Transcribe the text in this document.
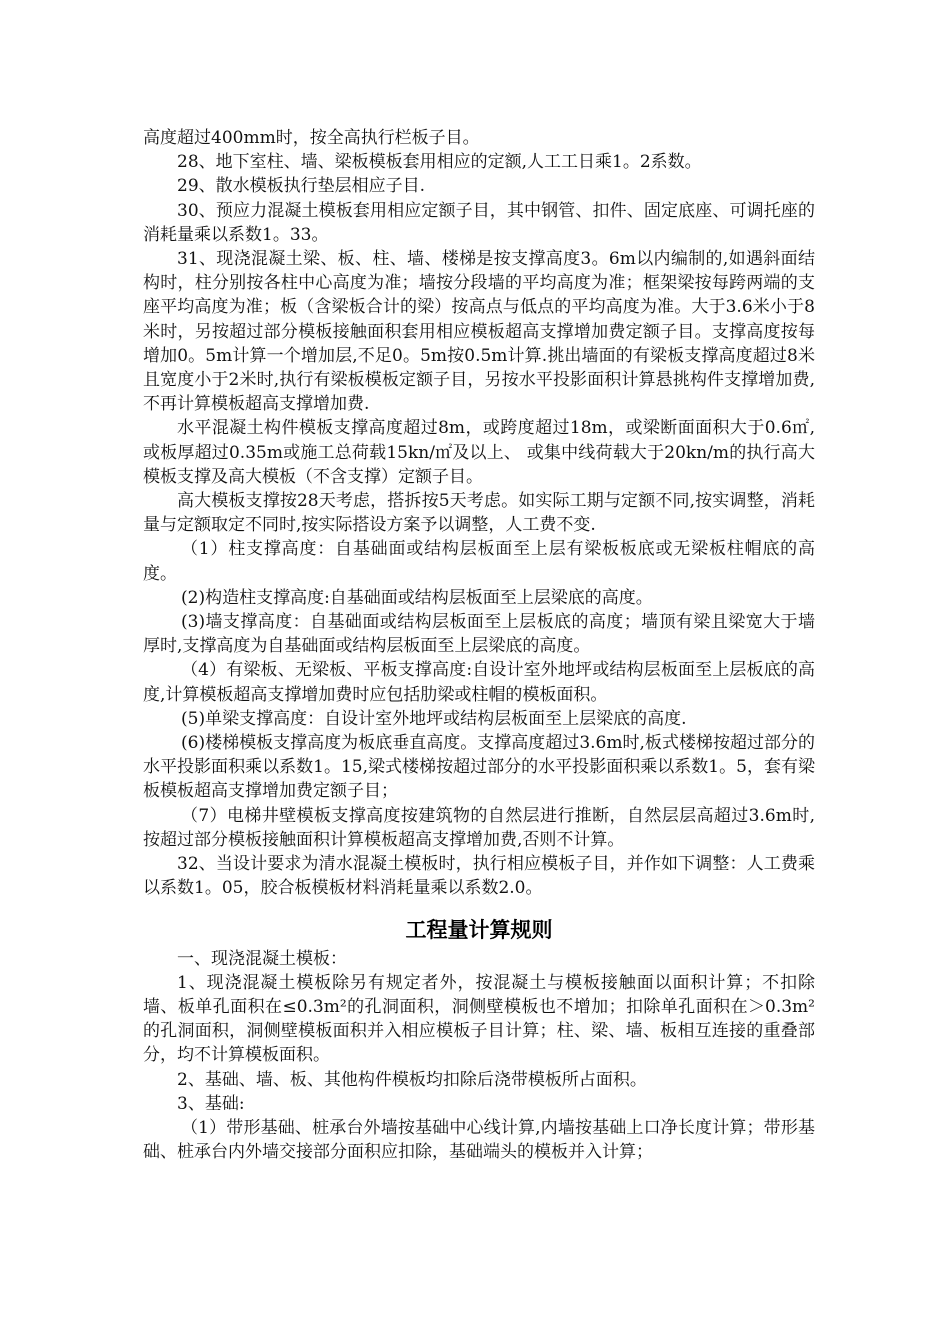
高度超过400mm时，按全高执行栏板子目。

28、地下室柱、墙、梁板模板套用相应的定额,人工工日乘1。2系数。

29、散水模板执行垫层相应子目.

30、预应力混凝土模板套用相应定额子目，其中钢管、扣件、固定底座、可调托座的消耗量乘以系数1。33。

31、现浇混凝土梁、板、柱、墙、楼梯是按支撑高度3。6m以内编制的,如遇斜面结构时，柱分别按各柱中心高度为准；墙按分段墙的平均高度为准；框架梁按每跨两端的支座平均高度为准；板（含梁板合计的梁）按高点与低点的平均高度为准。大于3.6米小于8米时，另按超过部分模板接触面积套用相应模板超高支撑增加费定额子目。支撑高度按每增加0。5m计算一个增加层,不足0。5m按0.5m计算.挑出墙面的有梁板支撑高度超过8米且宽度小于2米时,执行有梁板模板定额子目，另按水平投影面积计算悬挑构件支撑增加费,不再计算模板超高支撑增加费.

水平混凝土构件模板支撑高度超过8m，或跨度超过18m，或梁断面面积大于0.6㎡,或板厚超过0.35m或施工总荷载15kn/㎡及以上、 或集中线荷载大于20kn/m的执行高大模板支撑及高大模板（不含支撑）定额子目。

高大模板支撑按28天考虑，搭拆按5天考虑。如实际工期与定额不同,按实调整，消耗量与定额取定不同时,按实际搭设方案予以调整，人工费不变.

（1）柱支撑高度：自基础面或结构层板面至上层有梁板板底或无梁板柱帽底的高度。

(2)构造柱支撑高度:自基础面或结构层板面至上层梁底的高度。

(3)墙支撑高度：自基础面或结构层板面至上层板底的高度；墙顶有梁且梁宽大于墙厚时,支撑高度为自基础面或结构层板面至上层梁底的高度。

（4）有梁板、无梁板、平板支撑高度:自设计室外地坪或结构层板面至上层板底的高度,计算模板超高支撑增加费时应包括肋梁或柱帽的模板面积。

(5)单梁支撑高度：自设计室外地坪或结构层板面至上层梁底的高度.

(6)楼梯模板支撑高度为板底垂直高度。支撑高度超过3.6m时,板式楼梯按超过部分的水平投影面积乘以系数1。15,梁式楼梯按超过部分的水平投影面积乘以系数1。5，套有梁板模板超高支撑增加费定额子目；

（7）电梯井壁模板支撑高度按建筑物的自然层进行推断，自然层层高超过3.6m时,按超过部分模板接触面积计算模板超高支撑增加费,否则不计算。

32、当设计要求为清水混凝土模板时，执行相应模板子目，并作如下调整：人工费乘以系数1。05，胶合板模板材料消耗量乘以系数2.0。

工程量计算规则

一、现浇混凝土模板：

1、现浇混凝土模板除另有规定者外，按混凝土与模板接触面以面积计算；不扣除墙、板单孔面积在≤0.3m²的孔洞面积，洞侧壁模板也不增加；扣除单孔面积在＞0.3m²的孔洞面积，洞侧壁模板面积并入相应模板子目计算；柱、梁、墙、板相互连接的重叠部分，均不计算模板面积。

2、基础、墙、板、其他构件模板均扣除后浇带模板所占面积。

3、基础:

（1）带形基础、桩承台外墙按基础中心线计算,内墙按基础上口净长度计算；带形基础、桩承台内外墙交接部分面积应扣除，基础端头的模板并入计算；
